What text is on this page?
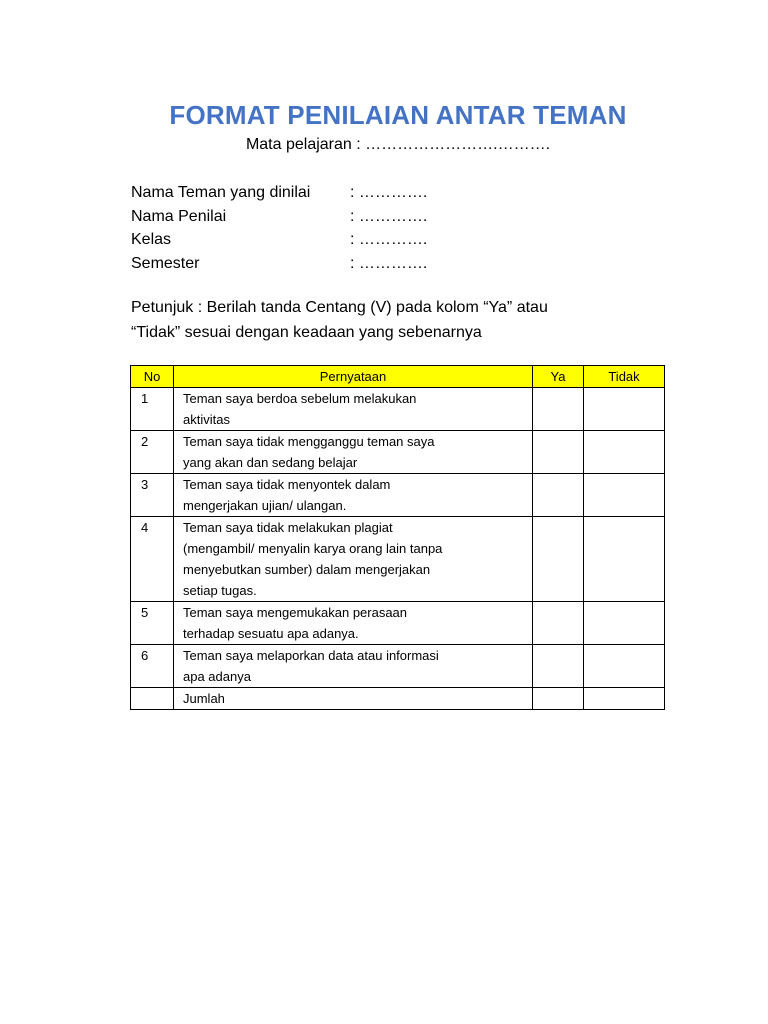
FORMAT PENILAIAN ANTAR TEMAN
Mata pelajaran : …………………….……….
Nama Teman yang dinilai : ………….
Nama Penilai	: ………….
Kelas	: ………….
Semester	: ………….
Petunjuk : Berilah tanda Centang (V) pada kolom “Ya” atau
“Tidak” sesuai dengan keadaan yang sebenarnya
No	Pernyataan	Ya	Tidak
1	Teman saya berdoa sebelum melakukan
aktivitas		

2	Teman saya tidak mengganggu teman saya
yang akan dan sedang belajar		

3	Teman saya tidak menyontek dalam
mengerjakan ujian/ ulangan.		

4	Teman saya tidak melakukan plagiat
(mengambil/ menyalin karya orang lain tanpa
menyebutkan sumber) dalam mengerjakan
setiap tugas.		

5	Teman saya mengemukakan perasaan
terhadap sesuatu apa adanya.		

6	Teman saya melaporkan data atau informasi
apa adanya		

	Jumlah		
